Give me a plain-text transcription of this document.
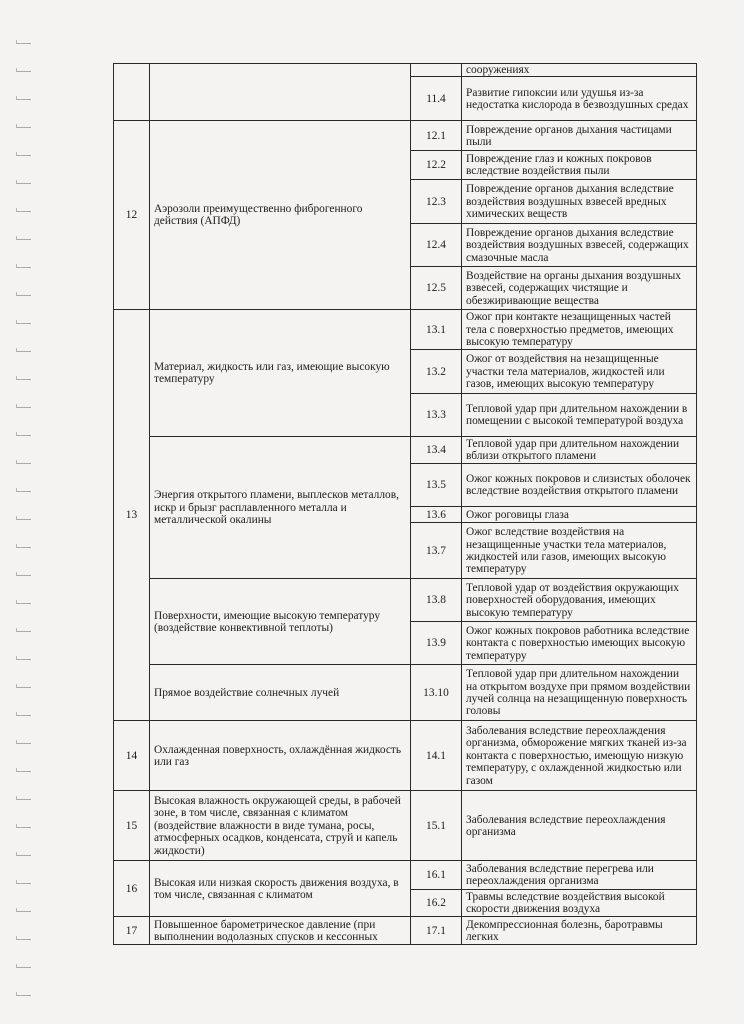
			сооружениях
		11.4	Развитие гипоксии или удушья из-за недостатка кислорода в безвоздушных средах
12	Аэрозоли преимущественно фиброгенного действия (АПФД)	12.1	Повреждение органов дыхания частицами пыли
		12.2	Повреждение глаз и кожных покровов вследствие воздействия пыли
		12.3	Повреждение органов дыхания вследствие воздействия воздушных взвесей вредных химических веществ
		12.4	Повреждение органов дыхания вследствие воздействия воздушных взвесей, содержащих смазочные масла
		12.5	Воздействие на органы дыхания воздушных взвесей, содержащих чистящие и обезжиривающие вещества
13	Материал, жидкость или газ, имеющие высокую температуру	13.1	Ожог при контакте незащищенных частей тела с поверхностью предметов, имеющих высокую температуру
		13.2	Ожог от воздействия на незащищенные участки тела материалов, жидкостей или газов, имеющих высокую температуру
		13.3	Тепловой удар при длительном нахождении в помещении с высокой температурой воздуха
	Энергия открытого пламени, выплесков металлов, искр и брызг расплавленного металла и металлической окалины	13.4	Тепловой удар при длительном нахождении вблизи открытого пламени
		13.5	Ожог кожных покровов и слизистых оболочек вследствие воздействия открытого пламени
		13.6	Ожог роговицы глаза
		13.7	Ожог вследствие воздействия на незащищенные участки тела материалов, жидкостей или газов, имеющих высокую температуру
	Поверхности, имеющие высокую температуру (воздействие конвективной теплоты)	13.8	Тепловой удар от воздействия окружающих поверхностей оборудования, имеющих высокую температуру
		13.9	Ожог кожных покровов работника вследствие контакта с поверхностью имеющих высокую температуру
	Прямое воздействие солнечных лучей	13.10	Тепловой удар при длительном нахождении на открытом воздухе при прямом воздействии лучей солнца на незащищенную поверхность головы
14	Охлажденная поверхность, охлаждённая жидкость или газ	14.1	Заболевания вследствие переохлаждения организма, обморожение мягких тканей из-за контакта с поверхностью, имеющую низкую температуру, с охлажденной жидкостью или газом
15	Высокая влажность окружающей среды, в рабочей зоне, в том числе, связанная с климатом (воздействие влажности в виде тумана, росы, атмосферных осадков, конденсата, струй и капель жидкости)	15.1	Заболевания вследствие переохлаждения организма
16	Высокая или низкая скорость движения воздуха, в том числе, связанная с климатом	16.1	Заболевания вследствие перегрева или переохлаждения организма
		16.2	Травмы вследствие воздействия высокой скорости движения воздуха
17	Повышенное барометрическое давление (при выполнении водолазных спусков и кессонных	17.1	Декомпрессионная болезнь, баротравмы легких
